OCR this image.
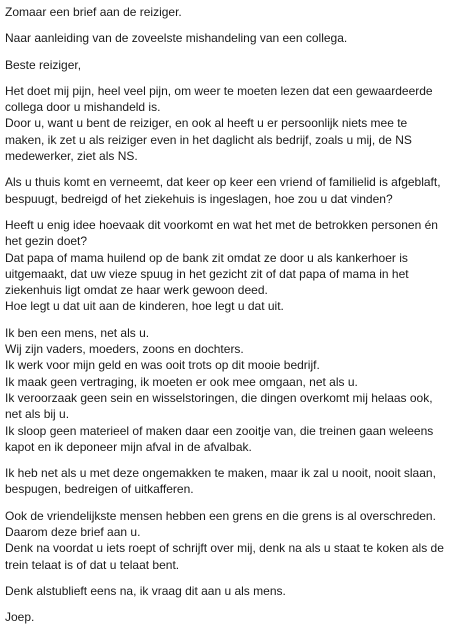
Zomaar een brief aan de reiziger.

Naar aanleiding van de zoveelste mishandeling van een collega.

Beste reiziger,

Het doet mij pijn, heel veel pijn, om weer te moeten lezen dat een gewaardeerde
collega door u mishandeld is.
Door u, want u bent de reiziger, en ook al heeft u er persoonlijk niets mee te
maken, ik zet u als reiziger even in het daglicht als bedrijf, zoals u mij, de NS
medewerker, ziet als NS.

Als u thuis komt en verneemt, dat keer op keer een vriend of familielid is afgeblaft,
bespuugt, bedreigd of het ziekehuis is ingeslagen, hoe zou u dat vinden?

Heeft u enig idee hoevaak dit voorkomt en wat het met de betrokken personen én
het gezin doet?
Dat papa of mama huilend op de bank zit omdat ze door u als kankerhoer is
uitgemaakt, dat uw vieze spuug in het gezicht zit of dat papa of mama in het
ziekenhuis ligt omdat ze haar werk gewoon deed.
Hoe legt u dat uit aan de kinderen, hoe legt u dat uit.

Ik ben een mens, net als u.
Wij zijn vaders, moeders, zoons en dochters.
Ik werk voor mijn geld en was ooit trots op dit mooie bedrijf.
Ik maak geen vertraging, ik moeten er ook mee omgaan, net als u.
Ik veroorzaak geen sein en wisselstoringen, die dingen overkomt mij helaas ook,
net als bij u.
Ik sloop geen materieel of maken daar een zooitje van, die treinen gaan weleens
kapot en ik deponeer mijn afval in de afvalbak.

Ik heb net als u met deze ongemakken te maken, maar ik zal u nooit, nooit slaan,
bespugen, bedreigen of uitkafferen.

Ook de vriendelijkste mensen hebben een grens en die grens is al overschreden.
Daarom deze brief aan u.
Denk na voordat u iets roept of schrijft over mij, denk na als u staat te koken als de
trein telaat is of dat u telaat bent.

Denk alstublieft eens na, ik vraag dit aan u als mens.

Joep.
